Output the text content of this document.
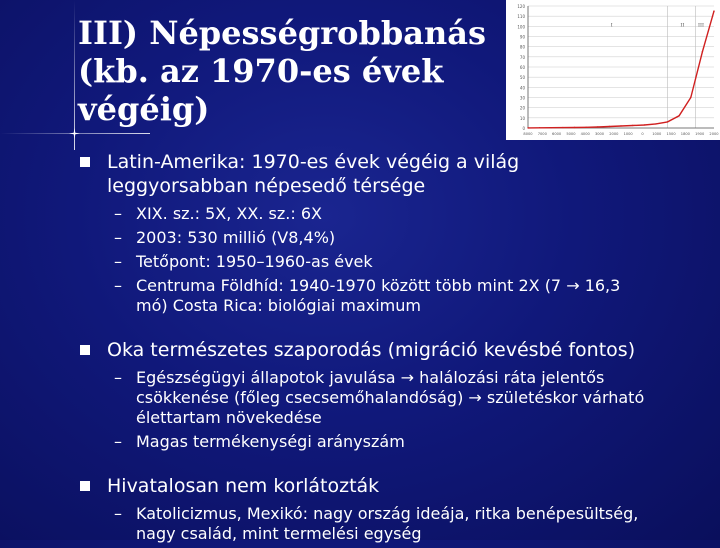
III) Népességrobbanás
(kb. az 1970-es évek
végéig)
0
10
20
30
40
50
60
70
80
90
100
110
120
I	II	III
8000 7000 6000 5000 4000 3000 2000 1000 0 1000 1500 1800 1900 2000
Latin-Amerika: 1970-es évek végéig a világ
leggyorsabban népesedő térsége
– XIX. sz.: 5X, XX. sz.: 6X
– 2003: 530 millió (V8,4%)
– Tetőpont: 1950–1960-as évek
– Centruma Földhíd: 1940-1970 között több mint 2X (7 → 16,3
mó) Costa Rica: biológiai maximum
Oka természetes szaporodás (migráció kevésbé fontos)
– Egészségügyi állapotok javulása → halálozási ráta jelentős
csökkenése (főleg csecsemőhalandóság) → születéskor várható
élettartam növekedése
– Magas termékenységi arányszám
Hivatalosan nem korlátozták
– Katolicizmus, Mexikó: nagy ország ideája, ritka benépesültség,
nagy család, mint termelési egység
